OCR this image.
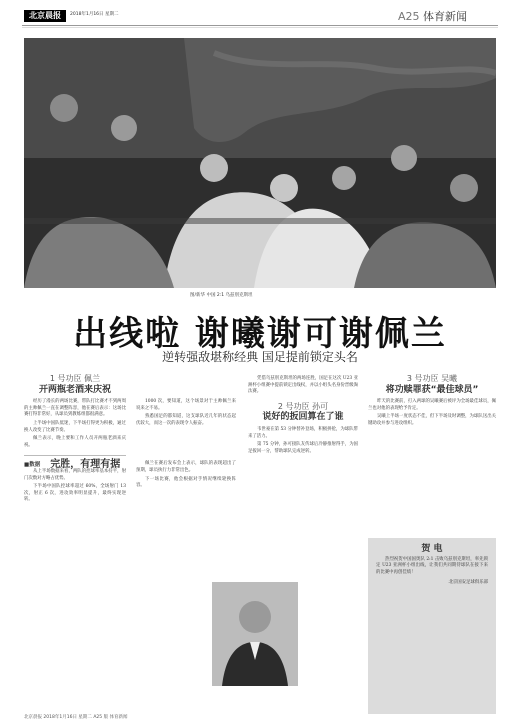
北京晨报	2018年1月16日 星期二	A25 体育新闻
图/新华 中国 2:1 乌兹别克斯坦
出线啦 谢曦谢可谢佩兰
逆转强敌堪称经典 国足提前锁定头名
1 号功臣 佩兰
开两瓶老酒来庆祝

经历了漫长的两场比赛，带队打比赛才不到两周的主帅佩兰一直在调整阵容，他在赛后表示：这场比赛打得非常好，从球员到教练组都很满意。

上半场中国队低迷，下半场打得更为积极，通过换人改变了比赛节奏。

佩兰表示，晚上要和工作人员开两瓶老酒来庆祝。

■数据 完胜，有理有据

从上半场数据来看，两队的控球率基本持平，射门次数对方略占优势。

下半场中国队控球率超过 60%，全场射门 13 次，射正 6 次，进攻效率明显提升，最终实现逆转。

1000 次，要知道，这个场景对于主帅佩兰来说来之不易。

熟悉国足的都知道，这支球队近几年的状态起伏较大，而这一次的表现令人振奋。

佩兰在赛后发布会上表示，球队的表现超出了预期，球员执行力非常出色。

下一场比赛，他会根据对手情况继续轮换阵容。

凭借乌兹别克斯坦的两场连胜，国足在这次 U23 亚洲杯小组赛中提前锁定出线权，并以小组头名身份晋级淘汰赛。

2 号功臣 孙可
说好的扳回算在了谁

韦世豪在第 53 分钟替补登场，积极拼抢，为球队带来了活力。

第 75 分钟，孙可接队友传球后冷静推射得手，为国足扳回一分，帮助球队完成逆转。

3 号功臣 吴曦
将功赎罪获“最佳球员”

昨天的比赛前，打入两球的吴曦赛后被评为全场最佳球员，佩兰也对他的表现给予肯定。

吴曦上半场一度状态不佳，但下半场及时调整，为球队送出关键助攻并参与进攻组织。

贺 电

热烈祝贺中国国奥队 2:1 击败乌兹别克斯坦，率先锁定 U23 亚洲杯小组出线，让我们共同期待球队在接下来的比赛中再创佳绩！

北京国安足球俱乐部

北京晨报 2018年1月16日 星期二 A25 版 体育新闻
